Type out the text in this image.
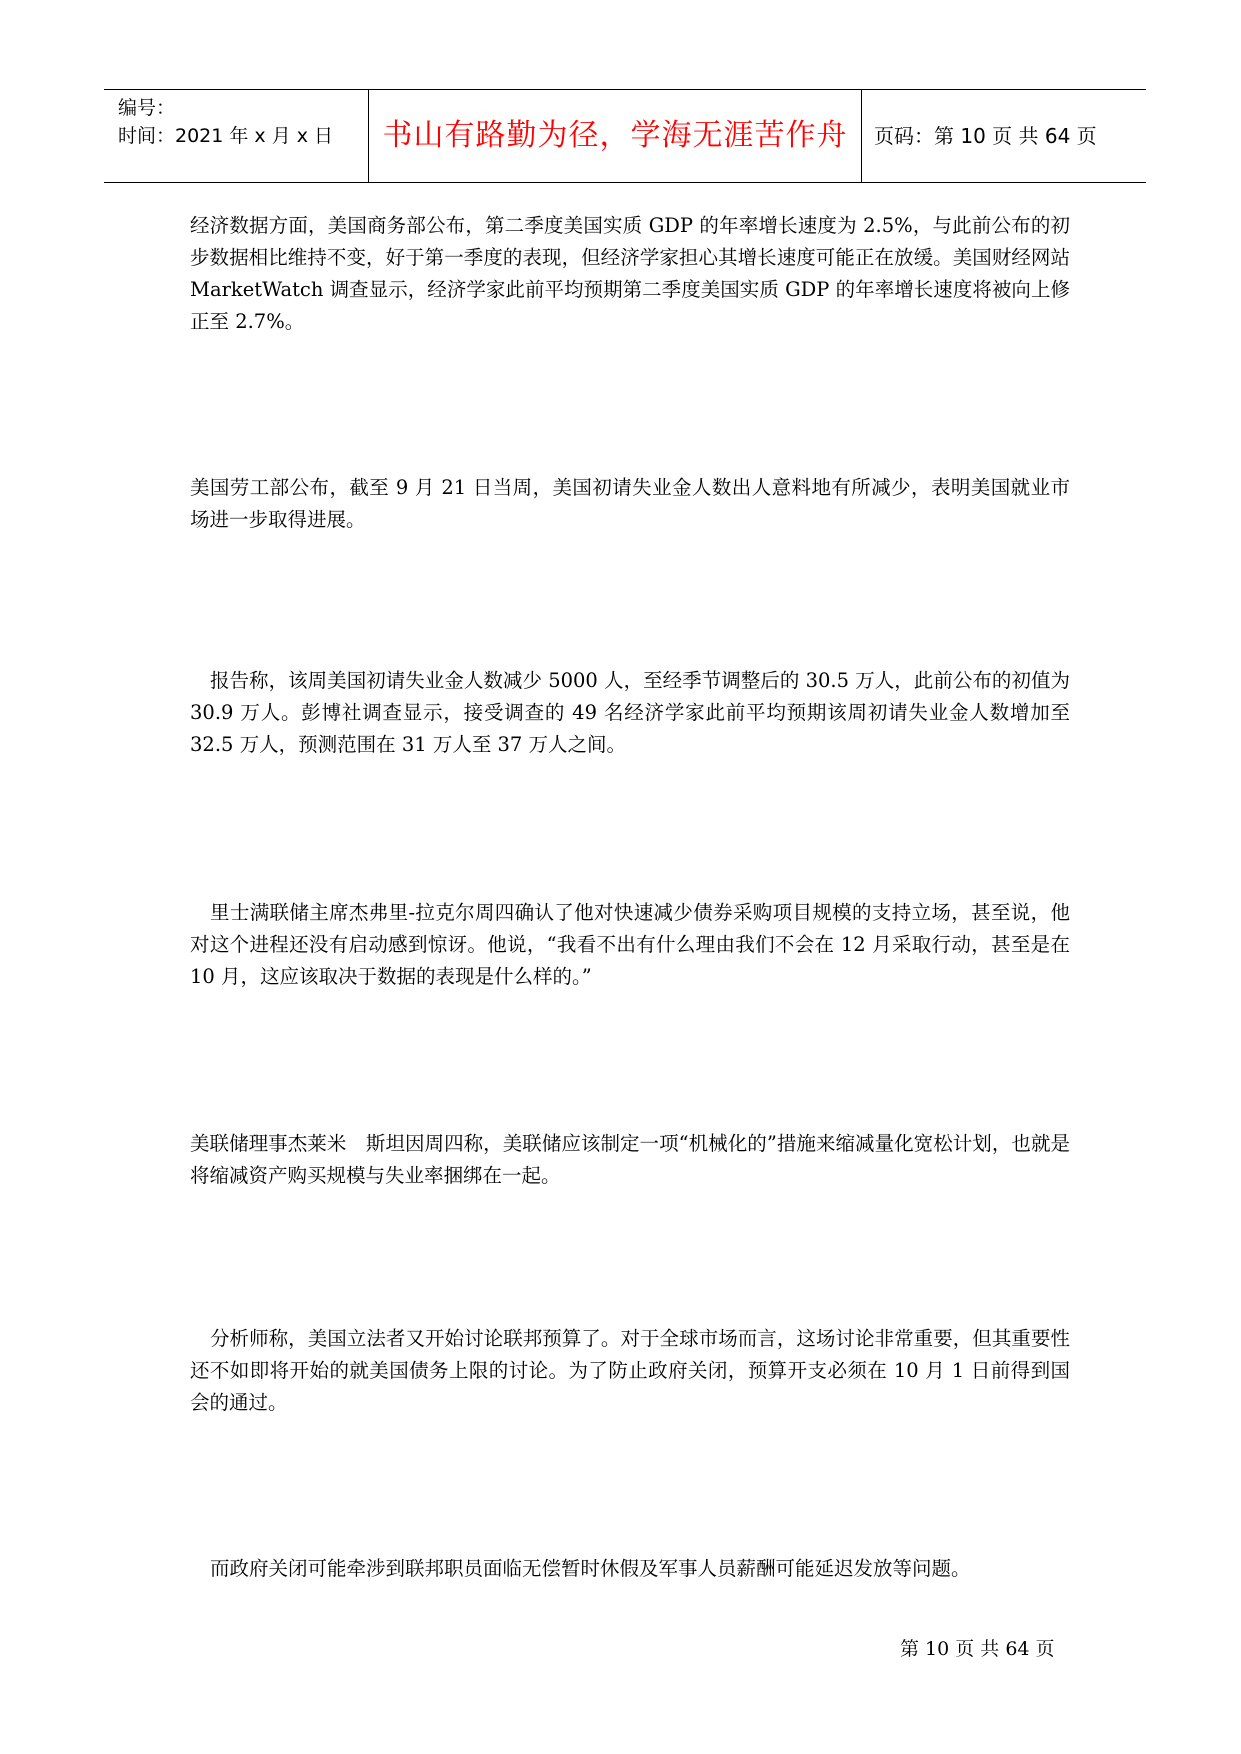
编号：
时间：2021 年 x 月 x 日	书山有路勤为径，学海无涯苦作舟	页码：第 10 页 共 64 页

经济数据方面，美国商务部公布，第二季度美国实质 GDP 的年率增长速度为 2.5%，与此前公布的初步数据相比维持不变，好于第一季度的表现，但经济学家担心其增长速度可能正在放缓。美国财经网站 MarketWatch 调查显示，经济学家此前平均预期第二季度美国实质 GDP 的年率增长速度将被向上修正至 2.7%。

美国劳工部公布，截至 9 月 21 日当周，美国初请失业金人数出人意料地有所减少，表明美国就业市场进一步取得进展。

报告称，该周美国初请失业金人数减少 5000 人，至经季节调整后的 30.5 万人，此前公布的初值为 30.9 万人。彭博社调查显示，接受调查的 49 名经济学家此前平均预期该周初请失业金人数增加至 32.5 万人，预测范围在 31 万人至 37 万人之间。

里士满联储主席杰弗里-拉克尔周四确认了他对快速减少债券采购项目规模的支持立场，甚至说，他对这个进程还没有启动感到惊讶。他说，“我看不出有什么理由我们不会在 12 月采取行动，甚至是在 10 月，这应该取决于数据的表现是什么样的。”

美联储理事杰莱米　斯坦因周四称，美联储应该制定一项“机械化的”措施来缩减量化宽松计划，也就是将缩减资产购买规模与失业率捆绑在一起。

分析师称，美国立法者又开始讨论联邦预算了。对于全球市场而言，这场讨论非常重要，但其重要性还不如即将开始的就美国债务上限的讨论。为了防止政府关闭，预算开支必须在 10 月 1 日前得到国会的通过。

而政府关闭可能牵涉到联邦职员面临无偿暂时休假及军事人员薪酬可能延迟发放等问题。

第 10 页 共 64 页
